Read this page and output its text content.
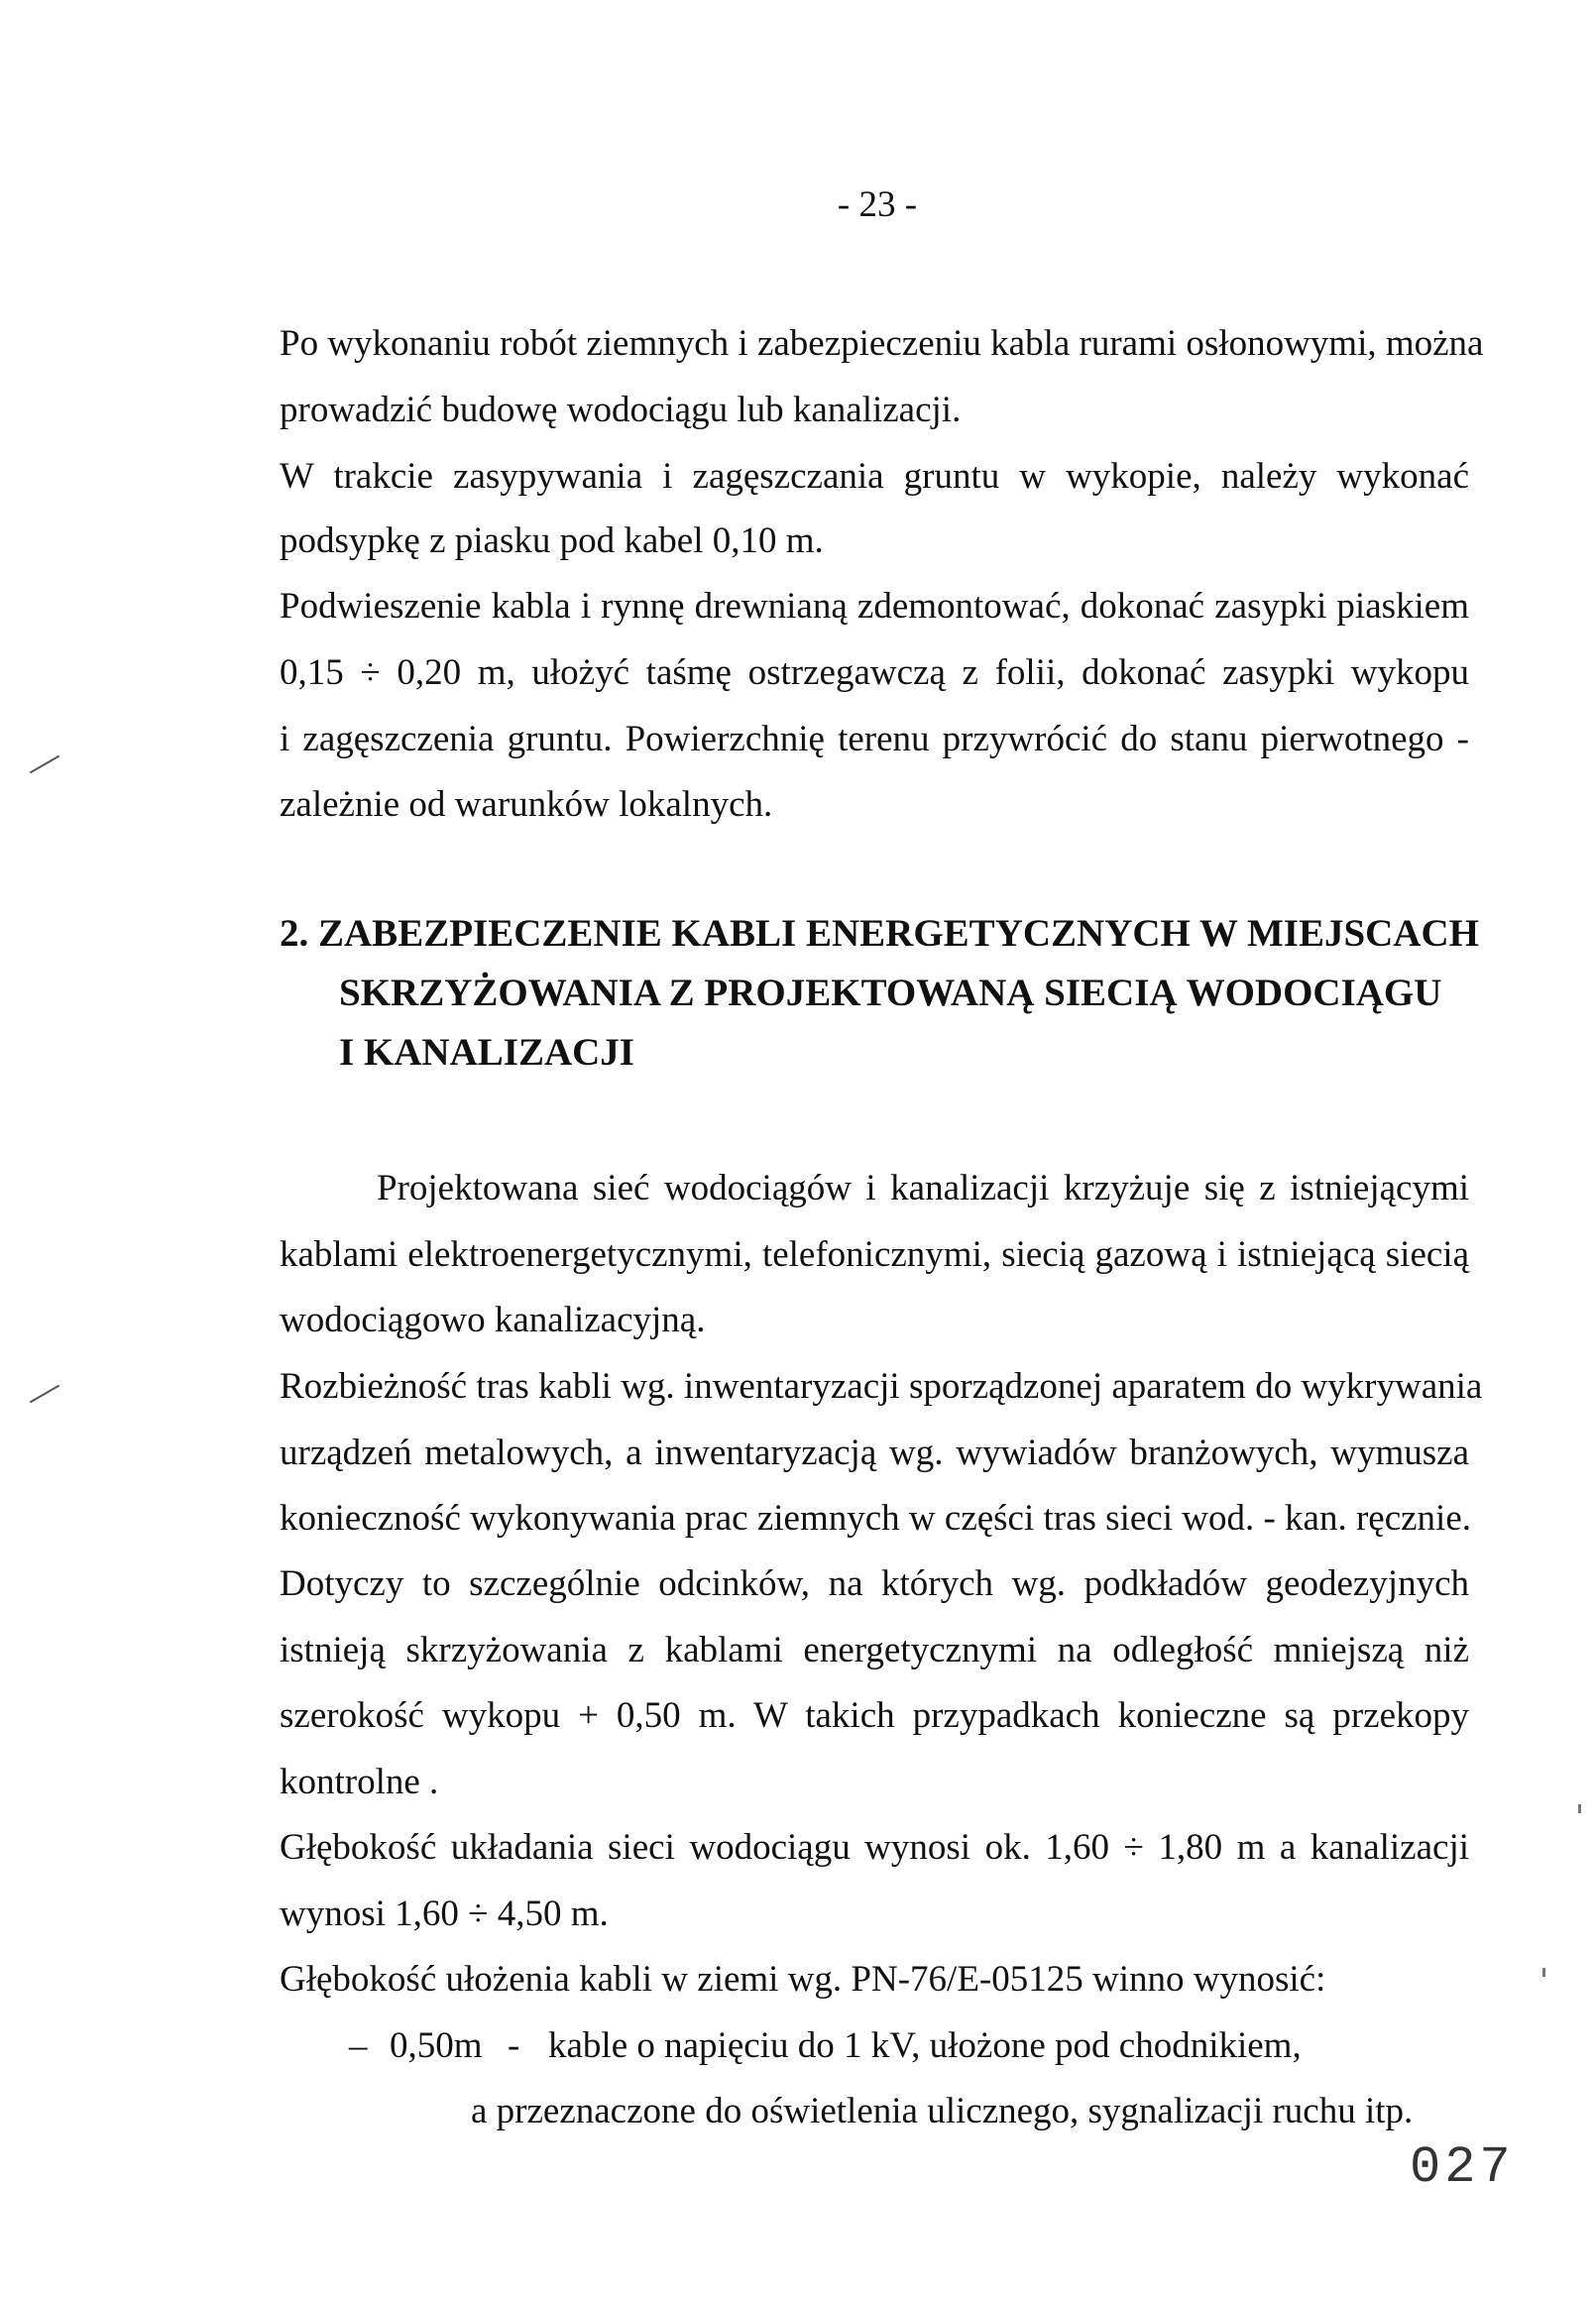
- 23 -
Po wykonaniu robót ziemnych i zabezpieczeniu kabla rurami osłonowymi, można
prowadzić budowę wodociągu lub kanalizacji.
W trakcie zasypywania i zagęszczania gruntu w wykopie, należy wykonać
podsypkę z piasku pod kabel 0,10 m.
Podwieszenie kabla i rynnę drewnianą zdemontować, dokonać zasypki piaskiem
0,15 ÷ 0,20 m, ułożyć taśmę ostrzegawczą z folii, dokonać zasypki wykopu
i zagęszczenia gruntu. Powierzchnię terenu przywrócić do stanu pierwotnego -
zależnie od warunków lokalnych.
2. ZABEZPIECZENIE KABLI ENERGETYCZNYCH W MIEJSCACH
SKRZYŻOWANIA Z PROJEKTOWANĄ SIECIĄ WODOCIĄGU
I KANALIZACJI
Projektowana sieć wodociągów i kanalizacji krzyżuje się z istniejącymi
kablami elektroenergetycznymi, telefonicznymi, siecią gazową i istniejącą siecią
wodociągowo kanalizacyjną.
Rozbieżność tras kabli wg. inwentaryzacji sporządzonej aparatem do wykrywania
urządzeń metalowych, a inwentaryzacją wg. wywiadów branżowych, wymusza
konieczność wykonywania prac ziemnych w części tras sieci wod. - kan. ręcznie.
Dotyczy to szczególnie odcinków, na których wg. podkładów geodezyjnych
istnieją skrzyżowania z kablami energetycznymi na odległość mniejszą niż
szerokość wykopu + 0,50 m. W takich przypadkach konieczne są przekopy
kontrolne .
Głębokość układania sieci wodociągu wynosi ok. 1,60 ÷ 1,80 m a kanalizacji
wynosi 1,60 ÷ 4,50 m.
Głębokość ułożenia kabli w ziemi wg. PN-76/E-05125 winno wynosić:
– 0,50m - kable o napięciu do 1 kV, ułożone pod chodnikiem,
a przeznaczone do oświetlenia ulicznego, sygnalizacji ruchu itp.
027
